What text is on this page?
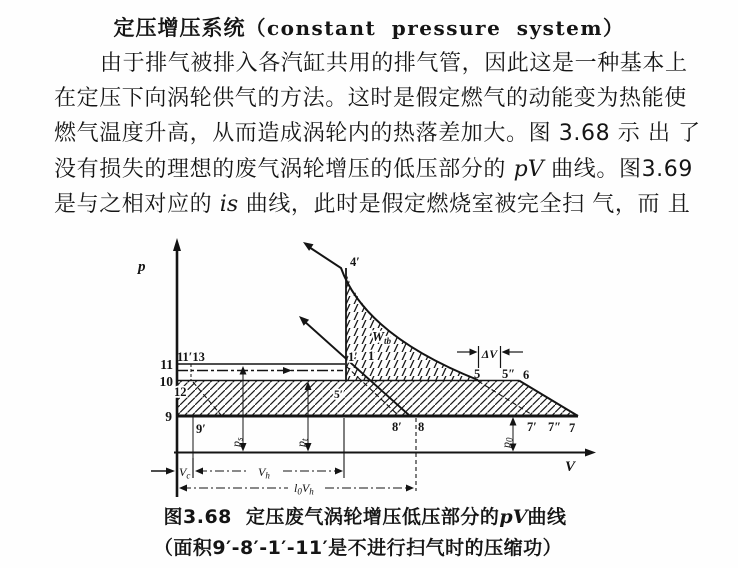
定压增压系统（constant pressure system）
由于排气被排入各汽缸共用的排气管，因此这是一种基本上
在定压下向涡轮供气的方法。这时是假定燃气的动能变为热能使
燃气温度升高，从而造成涡轮内的热落差加大。图 3.68 示 出 了
没有损失的理想的废气涡轮增压的低压部分的 pV 曲线。图3.69
是与之相对应的 is 曲线，此时是假定燃烧室被完全扫 气，而 且
p
V
11
10
9
11′13
12
9′
4′
1′ 1
5′
$W_{tb}$
ΔV
5 5″ 6
8′ 8	7′ 7″ 7
$p_s$
$p_t$
$p_0$
$V_c$	$V_h$
$l_0V_h$
图3.68 定压废气涡轮增压低压部分的pV曲线
（面积9′-8′-1′-11′是不进行扫气时的压缩功）
